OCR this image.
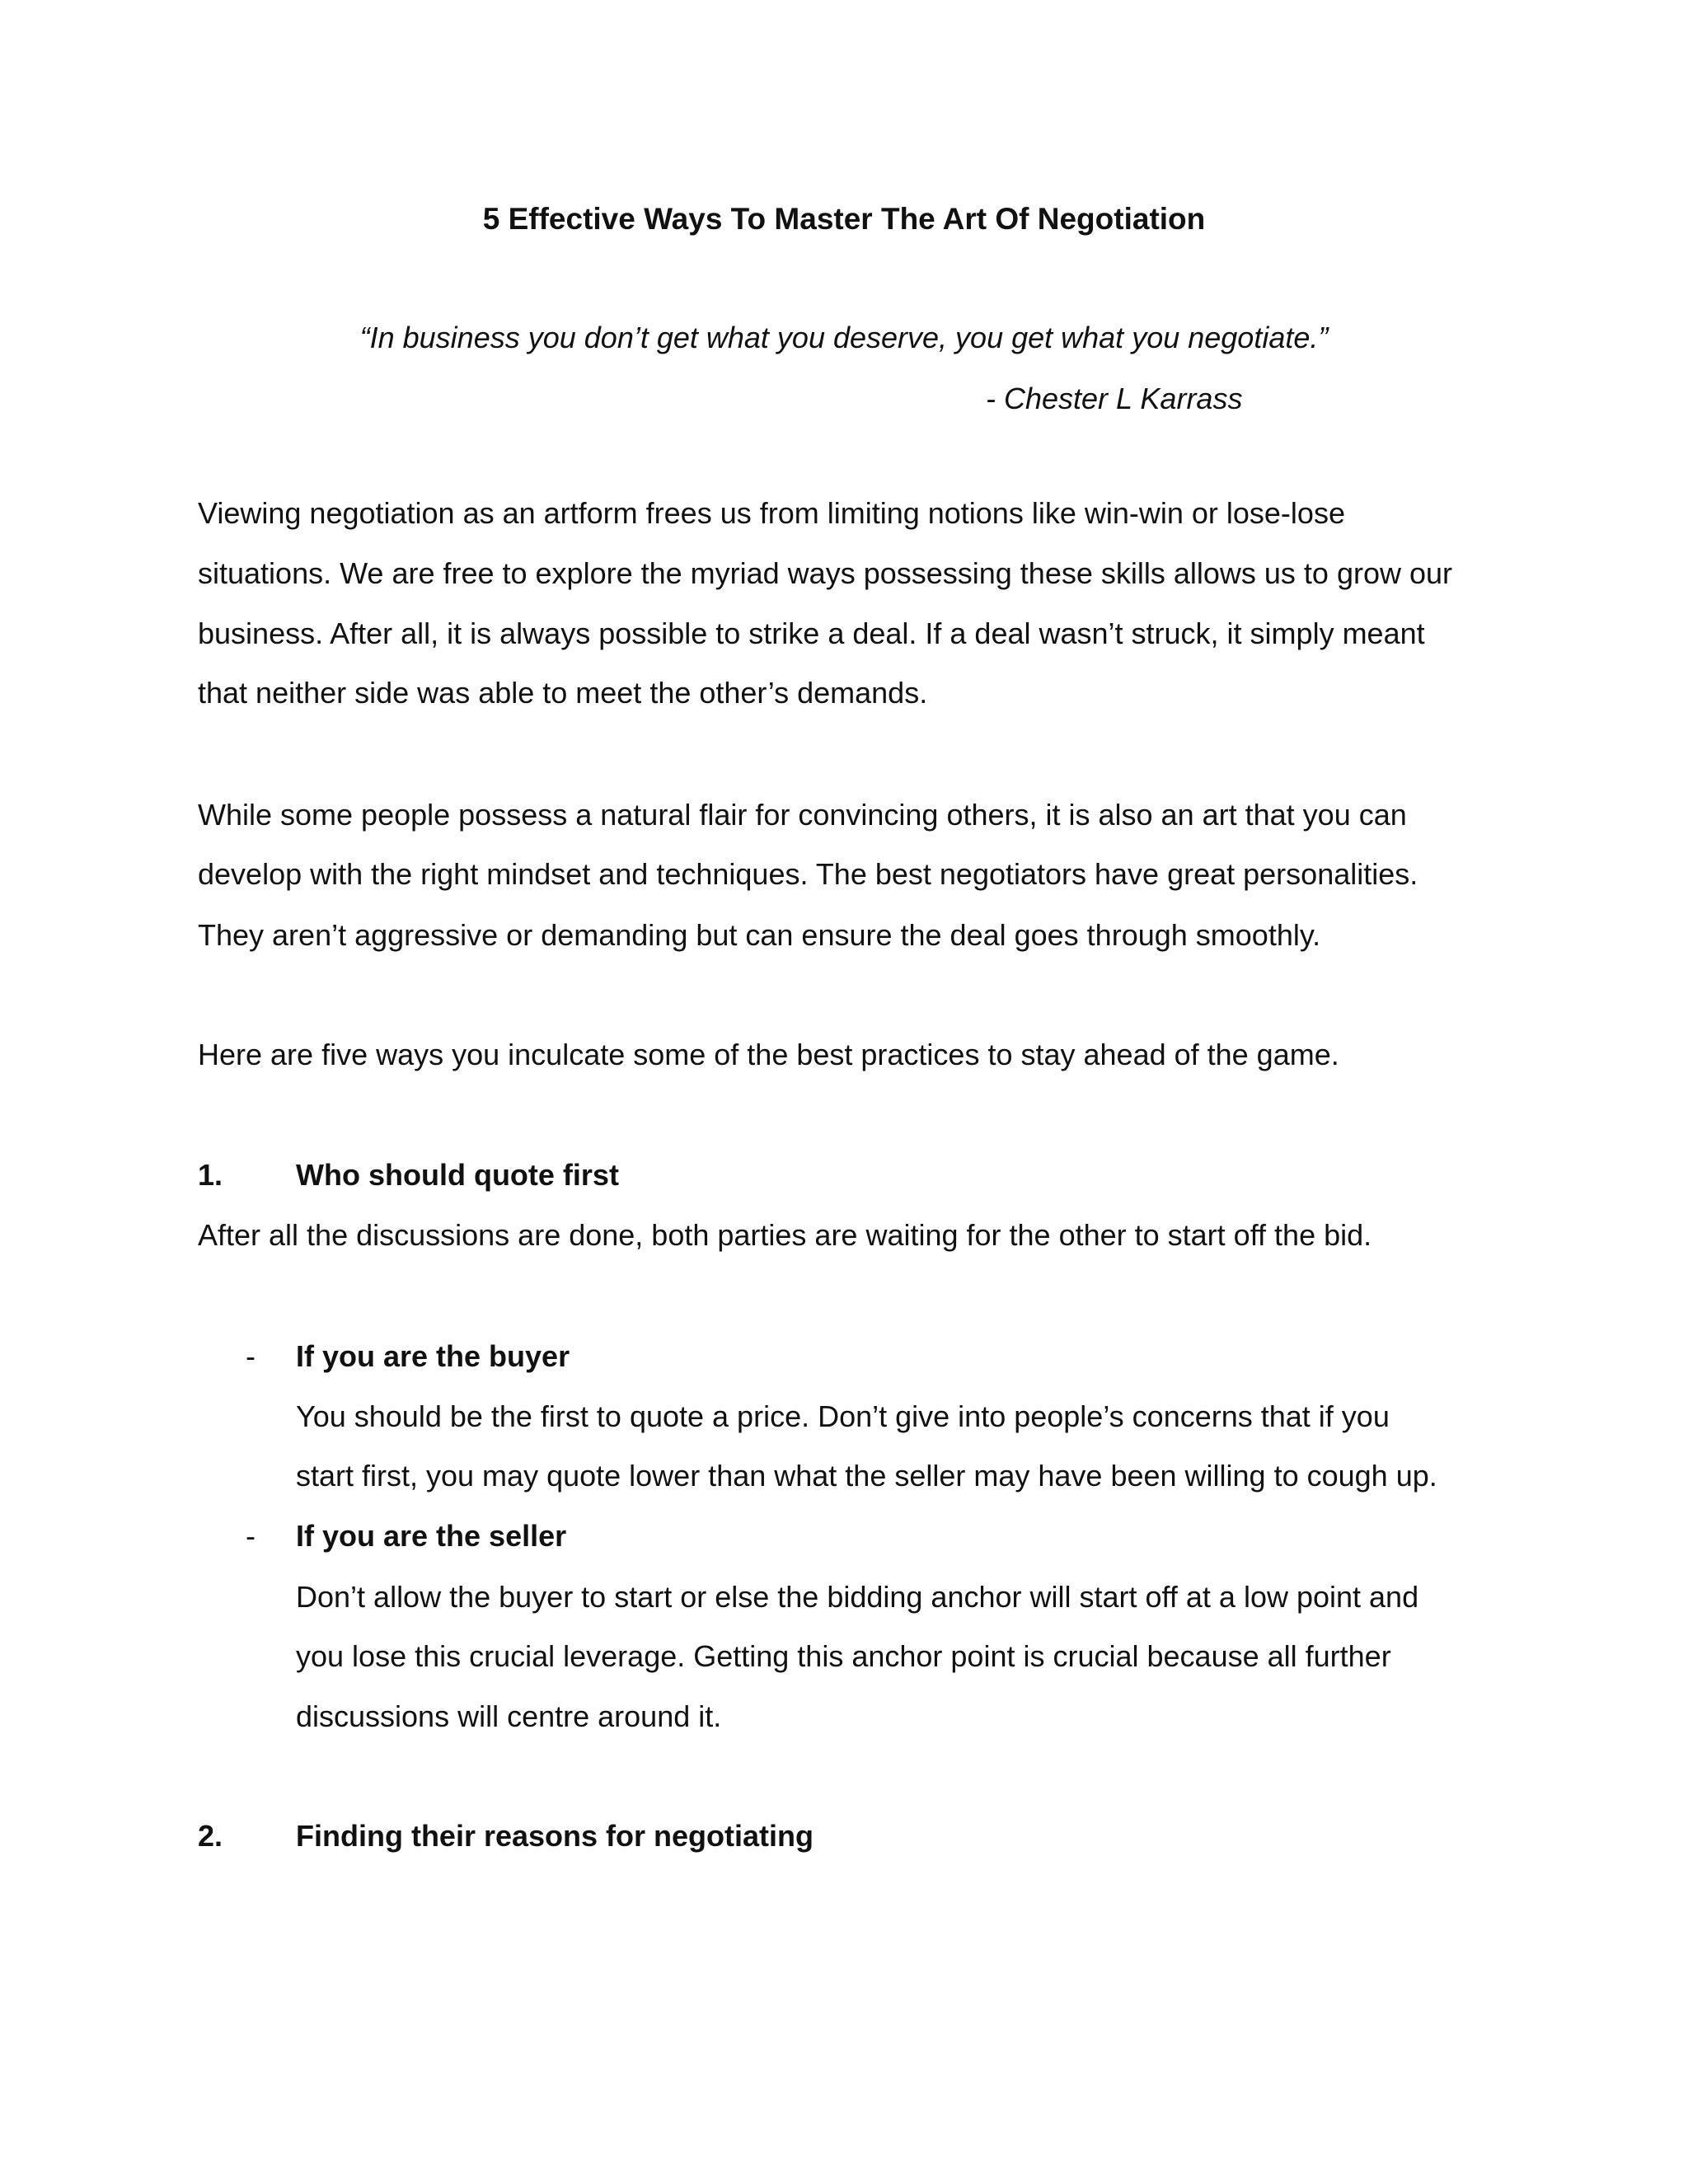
5 Effective Ways To Master The Art Of Negotiation

“In business you don’t get what you deserve, you get what you negotiate.”

- Chester L Karrass

Viewing negotiation as an artform frees us from limiting notions like win-win or lose-lose

situations. We are free to explore the myriad ways possessing these skills allows us to grow our

business. After all, it is always possible to strike a deal. If a deal wasn’t struck, it simply meant

that neither side was able to meet the other’s demands.

While some people possess a natural flair for convincing others, it is also an art that you can

develop with the right mindset and techniques. The best negotiators have great personalities.

They aren’t aggressive or demanding but can ensure the deal goes through smoothly.

Here are five ways you inculcate some of the best practices to stay ahead of the game.

1. Who should quote first

After all the discussions are done, both parties are waiting for the other to start off the bid.

- If you are the buyer

You should be the first to quote a price. Don’t give into people’s concerns that if you

start first, you may quote lower than what the seller may have been willing to cough up.

- If you are the seller

Don’t allow the buyer to start or else the bidding anchor will start off at a low point and

you lose this crucial leverage. Getting this anchor point is crucial because all further

discussions will centre around it.

2. Finding their reasons for negotiating
